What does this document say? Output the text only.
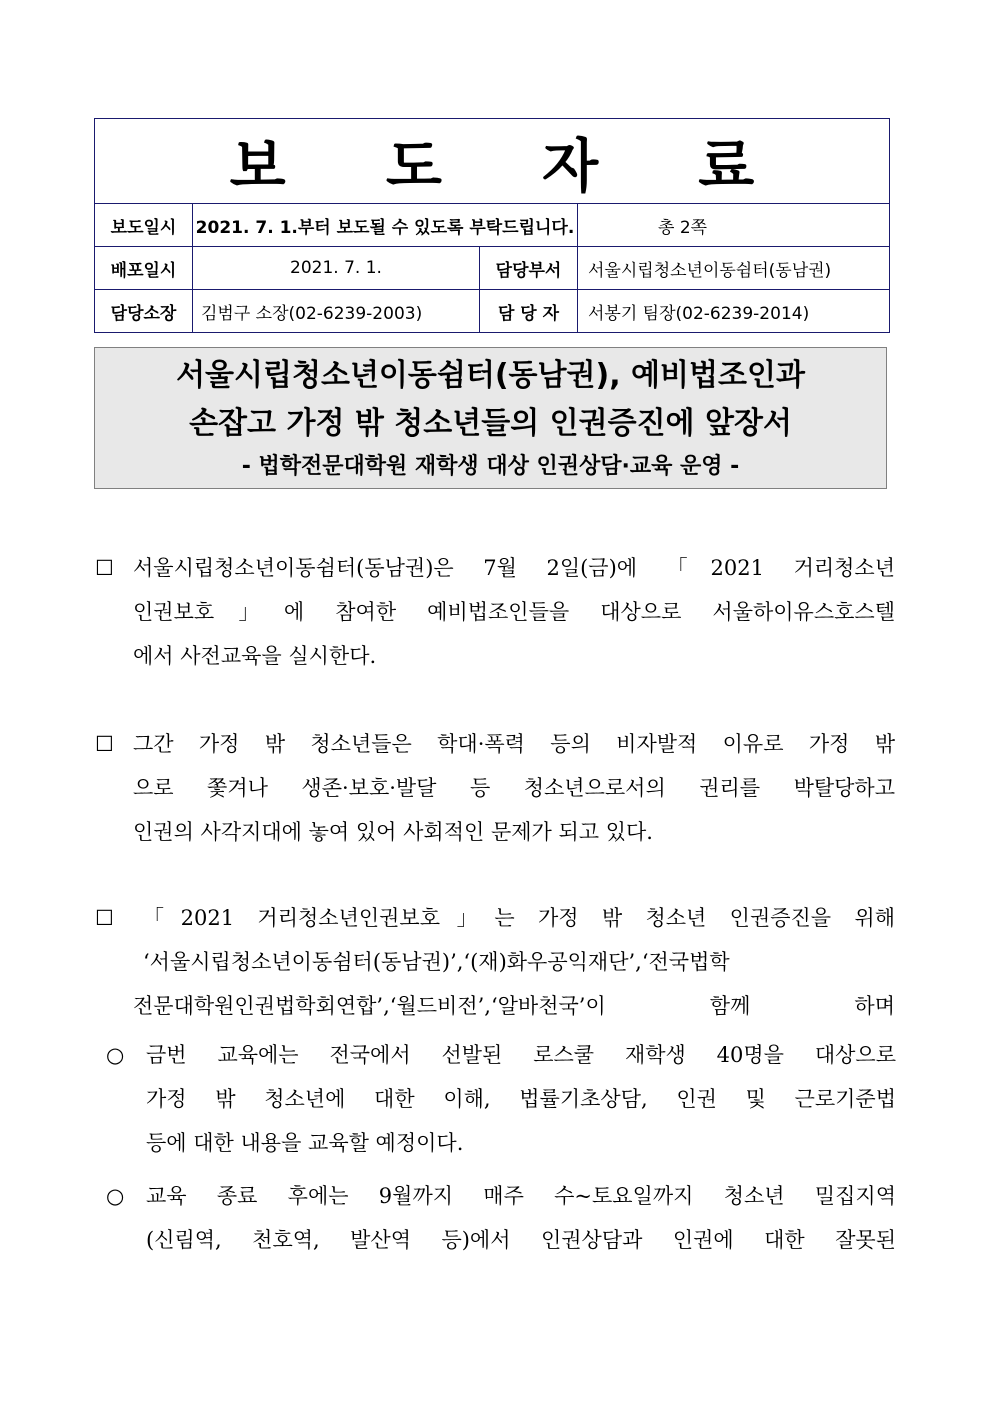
보 도 자 료			
보도일시	2021. 7. 1.부터 보도될 수 있도록 부탁드립니다.		총 2쪽
배포일시	2021. 7. 1.	담당부서	서울시립청소년이동쉼터(동남권)
담당소장	김범구 소장(02-6239-2003)	담 당 자	서봉기 팀장(02-6239-2014)
서울시립청소년이동쉼터(동남권), 예비법조인과
손잡고 가정 밖 청소년들의 인권증진에 앞장서
- 법학전문대학원 재학생 대상 인권상담·교육 운영 -
☐ 서울시립청소년이동쉼터(동남권)은 7월 2일(금)에 「2021 거리청소년
인권보호」에 참여한 예비법조인들을 대상으로 서울하이유스호스텔
에서 사전교육을 실시한다.
☐ 그간 가정 밖 청소년들은 학대·폭력 등의 비자발적 이유로 가정 밖
으로 쫓겨나 생존·보호·발달 등 청소년으로서의 권리를 박탈당하고
인권의 사각지대에 놓여 있어 사회적인 문제가 되고 있다.
☐	「2021 거리청소년인권보호」는 가정 밖 청소년 인권증진을 위해
‘서울시립청소년이동쉼터(동남권)’,‘(재)화우공익재단’,‘전국법학
전문대학원인권법학회연합’,‘월드비전’,‘알바천국’이 함께 하며
○	금번 교육에는 전국에서 선발된 로스쿨 재학생 40명을 대상으로
가정 밖 청소년에 대한 이해, 법률기초상담, 인권 및 근로기준법
등에 대한 내용을 교육할 예정이다.
○	교육 종료 후에는 9월까지 매주 수~토요일까지 청소년 밀집지역
(신림역, 천호역, 발산역 등)에서 인권상담과 인권에 대한 잘못된
